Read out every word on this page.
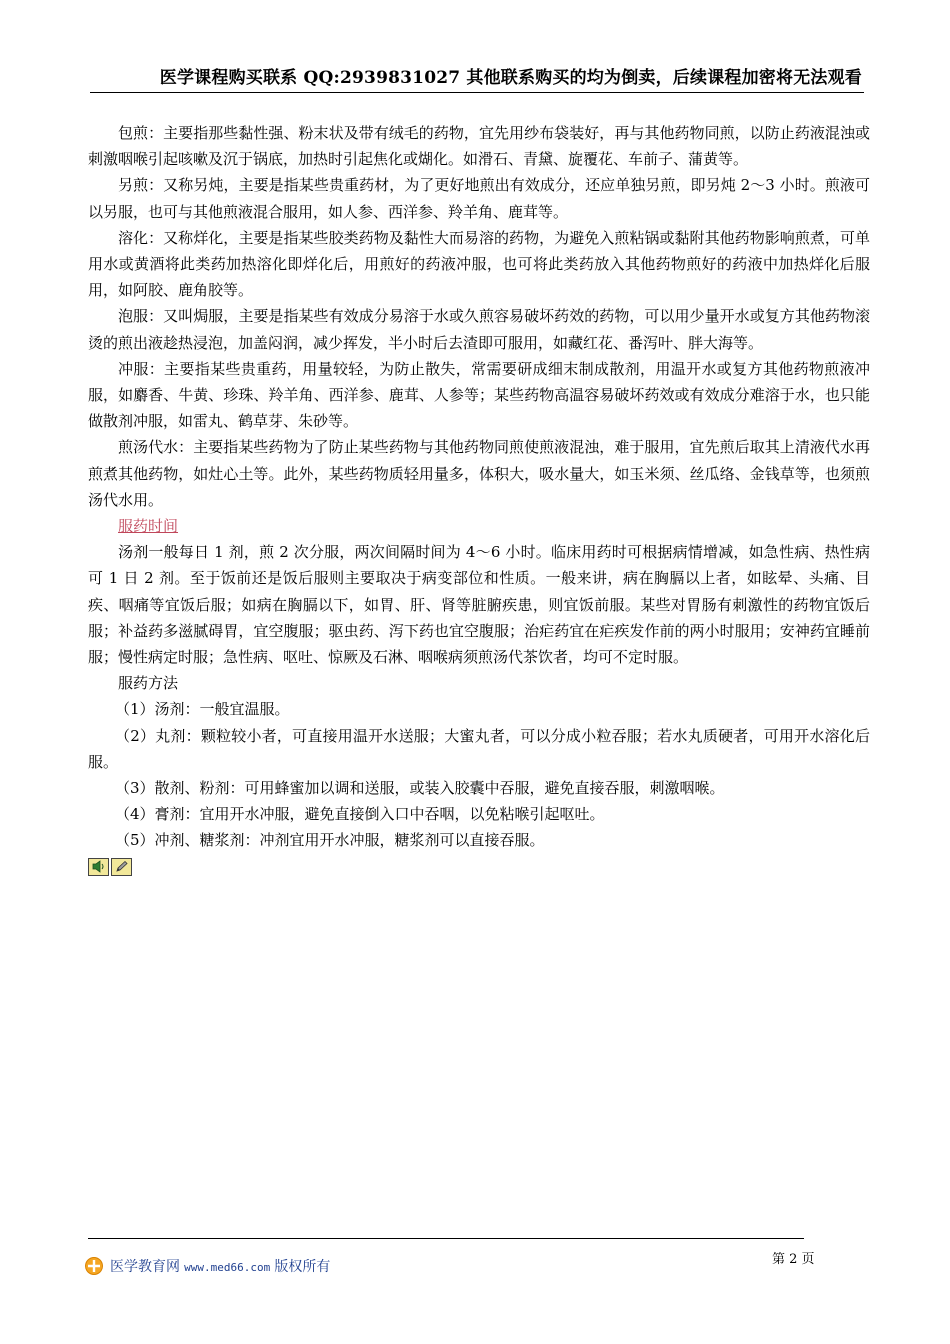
医学课程购买联系 QQ:2939831027 其他联系购买的均为倒卖，后续课程加密将无法观看

包煎：主要指那些黏性强、粉末状及带有绒毛的药物，宜先用纱布袋装好，再与其他药物同煎，以防止药液混浊或刺激咽喉引起咳嗽及沉于锅底，加热时引起焦化或煳化。如滑石、青黛、旋覆花、车前子、蒲黄等。

另煎：又称另炖，主要是指某些贵重药材，为了更好地煎出有效成分，还应单独另煎，即另炖 2～3 小时。煎液可以另服，也可与其他煎液混合服用，如人参、西洋参、羚羊角、鹿茸等。

溶化：又称烊化，主要是指某些胶类药物及黏性大而易溶的药物，为避免入煎粘锅或黏附其他药物影响煎煮，可单用水或黄酒将此类药加热溶化即烊化后，用煎好的药液冲服，也可将此类药放入其他药物煎好的药液中加热烊化后服用，如阿胶、鹿角胶等。

泡服：又叫焗服，主要是指某些有效成分易溶于水或久煎容易破坏药效的药物，可以用少量开水或复方其他药物滚烫的煎出液趁热浸泡，加盖闷润，减少挥发，半小时后去渣即可服用，如藏红花、番泻叶、胖大海等。

冲服：主要指某些贵重药，用量较轻，为防止散失，常需要研成细末制成散剂，用温开水或复方其他药物煎液冲服，如麝香、牛黄、珍珠、羚羊角、西洋参、鹿茸、人参等；某些药物高温容易破坏药效或有效成分难溶于水，也只能做散剂冲服，如雷丸、鹤草芽、朱砂等。

煎汤代水：主要指某些药物为了防止某些药物与其他药物同煎使煎液混浊，难于服用，宜先煎后取其上清液代水再煎煮其他药物，如灶心土等。此外，某些药物质轻用量多，体积大，吸水量大，如玉米须、丝瓜络、金钱草等，也须煎汤代水用。

服药时间

汤剂一般每日 1 剂，煎 2 次分服，两次间隔时间为 4～6 小时。临床用药时可根据病情增减，如急性病、热性病可 1 日 2 剂。至于饭前还是饭后服则主要取决于病变部位和性质。一般来讲，病在胸膈以上者，如眩晕、头痛、目疾、咽痛等宜饭后服；如病在胸膈以下，如胃、肝、肾等脏腑疾患，则宜饭前服。某些对胃肠有刺激性的药物宜饭后服；补益药多滋腻碍胃，宜空腹服；驱虫药、泻下药也宜空腹服；治疟药宜在疟疾发作前的两小时服用；安神药宜睡前服；慢性病定时服；急性病、呕吐、惊厥及石淋、咽喉病须煎汤代茶饮者，均可不定时服。

服药方法

（1）汤剂：一般宜温服。

（2）丸剂：颗粒较小者，可直接用温开水送服；大蜜丸者，可以分成小粒吞服；若水丸质硬者，可用开水溶化后服。

（3）散剂、粉剂：可用蜂蜜加以调和送服，或装入胶囊中吞服，避免直接吞服，刺激咽喉。

（4）膏剂：宜用开水冲服，避免直接倒入口中吞咽，以免粘喉引起呕吐。

（5）冲剂、糖浆剂：冲剂宜用开水冲服，糖浆剂可以直接吞服。

医学教育网 www.med66.com 版权所有	第 2 页
